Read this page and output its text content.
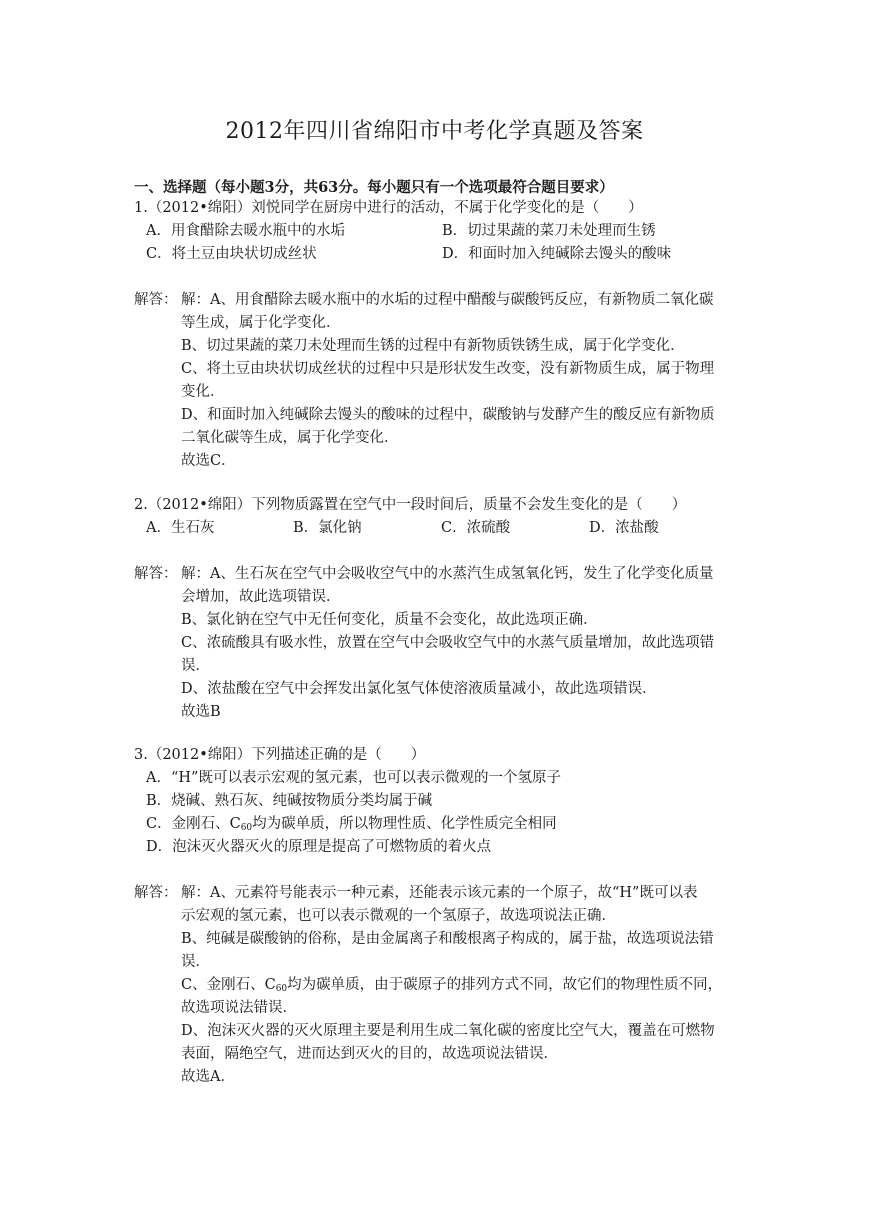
2012年四川省绵阳市中考化学真题及答案
一、选择题（每小题3分，共63分。每小题只有一个选项最符合题目要求）
1.（2012•绵阳）刘悦同学在厨房中进行的活动，不属于化学变化的是（　　）
A．用食醋除去暖水瓶中的水垢	B．切过果蔬的菜刀未处理而生锈
C．将土豆由块状切成丝状	D．和面时加入纯碱除去馒头的酸味
解答： 解：A、用食醋除去暖水瓶中的水垢的过程中醋酸与碳酸钙反应，有新物质二氧化碳
等生成，属于化学变化．
B、切过果蔬的菜刀未处理而生锈的过程中有新物质铁锈生成，属于化学变化．
C、将土豆由块状切成丝状的过程中只是形状发生改变，没有新物质生成，属于物理
变化．
D、和面时加入纯碱除去馒头的酸味的过程中，碳酸钠与发酵产生的酸反应有新物质
二氧化碳等生成，属于化学变化．
故选C．
2.（2012•绵阳）下列物质露置在空气中一段时间后，质量不会发生变化的是（　　）
A．生石灰	B．氯化钠	C．浓硫酸	D．浓盐酸
解答： 解：A、生石灰在空气中会吸收空气中的水蒸汽生成氢氧化钙，发生了化学变化质量
会增加，故此选项错误．
B、氯化钠在空气中无任何变化，质量不会变化，故此选项正确．
C、浓硫酸具有吸水性，放置在空气中会吸收空气中的水蒸气质量增加，故此选项错
误．
D、浓盐酸在空气中会挥发出氯化氢气体使溶液质量减小，故此选项错误．
故选B
3.（2012•绵阳）下列描述正确的是（　　）
A．“H”既可以表示宏观的氢元素，也可以表示微观的一个氢原子
B．烧碱、熟石灰、纯碱按物质分类均属于碱
C．金刚石、$C_{60}$均为碳单质，所以物理性质、化学性质完全相同
D．泡沫灭火器灭火的原理是提高了可燃物质的着火点
解答： 解：A、元素符号能表示一种元素，还能表示该元素的一个原子，故“H”既可以表
示宏观的氢元素，也可以表示微观的一个氢原子，故选项说法正确．
B、纯碱是碳酸钠的俗称，是由金属离子和酸根离子构成的，属于盐，故选项说法错
误．
C、金刚石、$C_{60}$均为碳单质，由于碳原子的排列方式不同，故它们的物理性质不同，
故选项说法错误．
D、泡沫灭火器的灭火原理主要是利用生成二氧化碳的密度比空气大，覆盖在可燃物
表面，隔绝空气，进而达到灭火的目的，故选项说法错误．
故选A．
